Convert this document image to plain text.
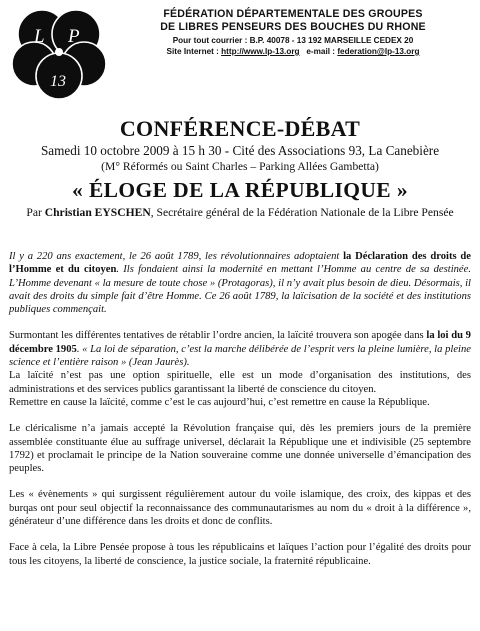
L P
13
FÉDÉRATION DÉPARTEMENTALE DES GROUPES
DE LIBRES PENSEURS DES BOUCHES DU RHONE
Pour tout courrier : B.P. 40078 - 13 192 MARSEILLE CEDEX 20
Site Internet : http://www.lp-13.org e-mail : federation@lp-13.org
CONFÉRENCE-DÉBAT
Samedi 10 octobre 2009 à 15 h 30 - Cité des Associations 93, La Canebière
(M° Réformés ou Saint Charles – Parking Allées Gambetta)
« ÉLOGE DE LA RÉPUBLIQUE »
Par Christian EYSCHEN, Secrétaire général de la Fédération Nationale de la Libre Pensée

Il y a 220 ans exactement, le 26 août 1789, les révolutionnaires adoptaient la Déclaration des droits de l’Homme et du citoyen. Ils fondaient ainsi la modernité en mettant l’Homme au centre de sa destinée. L’Homme devenant « la mesure de toute chose » (Protagoras), il n’y avait plus besoin de dieu. Désormais, il avait des droits du simple fait d’être Homme. Ce 26 août 1789, la laïcisation de la société et des institutions publiques commençait.

Surmontant les différentes tentatives de rétablir l’ordre ancien, la laïcité trouvera son apogée dans la loi du 9 décembre 1905. « La loi de séparation, c’est la marche délibérée de l’esprit vers la pleine lumière, la pleine science et l’entière raison » (Jean Jaurès).

La laïcité n’est pas une option spirituelle, elle est un mode d’organisation des institutions, des administrations et des services publics garantissant la liberté de conscience du citoyen.

Remettre en cause la laïcité, comme c’est le cas aujourd’hui, c’est remettre en cause la République.

Le cléricalisme n’a jamais accepté la Révolution française qui, dès les premiers jours de la première assemblée constituante élue au suffrage universel, déclarait la République une et indivisible (25 septembre 1792) et proclamait le principe de la Nation souveraine comme une donnée universelle d’émancipation des peuples.

Les « évènements » qui surgissent régulièrement autour du voile islamique, des croix, des kippas et des burqas ont pour seul objectif la reconnaissance des communautarismes au nom du « droit à la différence », générateur d’une différence dans les droits et donc de conflits.

Face à cela, la Libre Pensée propose à tous les républicains et laïques l’action pour l’égalité des droits pour tous les citoyens, la liberté de conscience, la justice sociale, la fraternité républicaine.
